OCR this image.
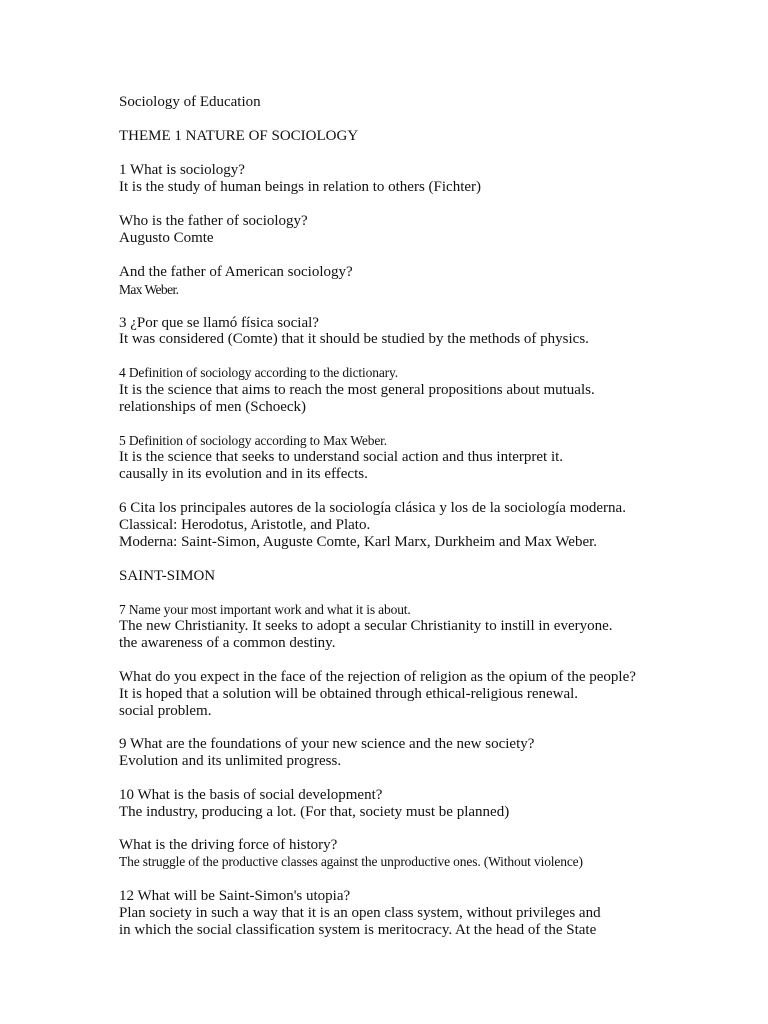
Sociology of Education
THEME 1 NATURE OF SOCIOLOGY
1 What is sociology?
It is the study of human beings in relation to others (Fichter)
Who is the father of sociology?
Augusto Comte
And the father of American sociology?
Max Weber.
3 ¿Por que se llamó física social?
It was considered (Comte) that it should be studied by the methods of physics.
4 Definition of sociology according to the dictionary.
It is the science that aims to reach the most general propositions about mutuals.
relationships of men (Schoeck)
5 Definition of sociology according to Max Weber.
It is the science that seeks to understand social action and thus interpret it.
causally in its evolution and in its effects.
6 Cita los principales autores de la sociología clásica y los de la sociología moderna.
Classical: Herodotus, Aristotle, and Plato.
Moderna: Saint-Simon, Auguste Comte, Karl Marx, Durkheim and Max Weber.
SAINT-SIMON
7 Name your most important work and what it is about.
The new Christianity. It seeks to adopt a secular Christianity to instill in everyone.
the awareness of a common destiny.
What do you expect in the face of the rejection of religion as the opium of the people?
It is hoped that a solution will be obtained through ethical-religious renewal.
social problem.
9 What are the foundations of your new science and the new society?
Evolution and its unlimited progress.
10 What is the basis of social development?
The industry, producing a lot. (For that, society must be planned)
What is the driving force of history?
The struggle of the productive classes against the unproductive ones. (Without violence)
12 What will be Saint-Simon's utopia?
Plan society in such a way that it is an open class system, without privileges and
in which the social classification system is meritocracy. At the head of the State
